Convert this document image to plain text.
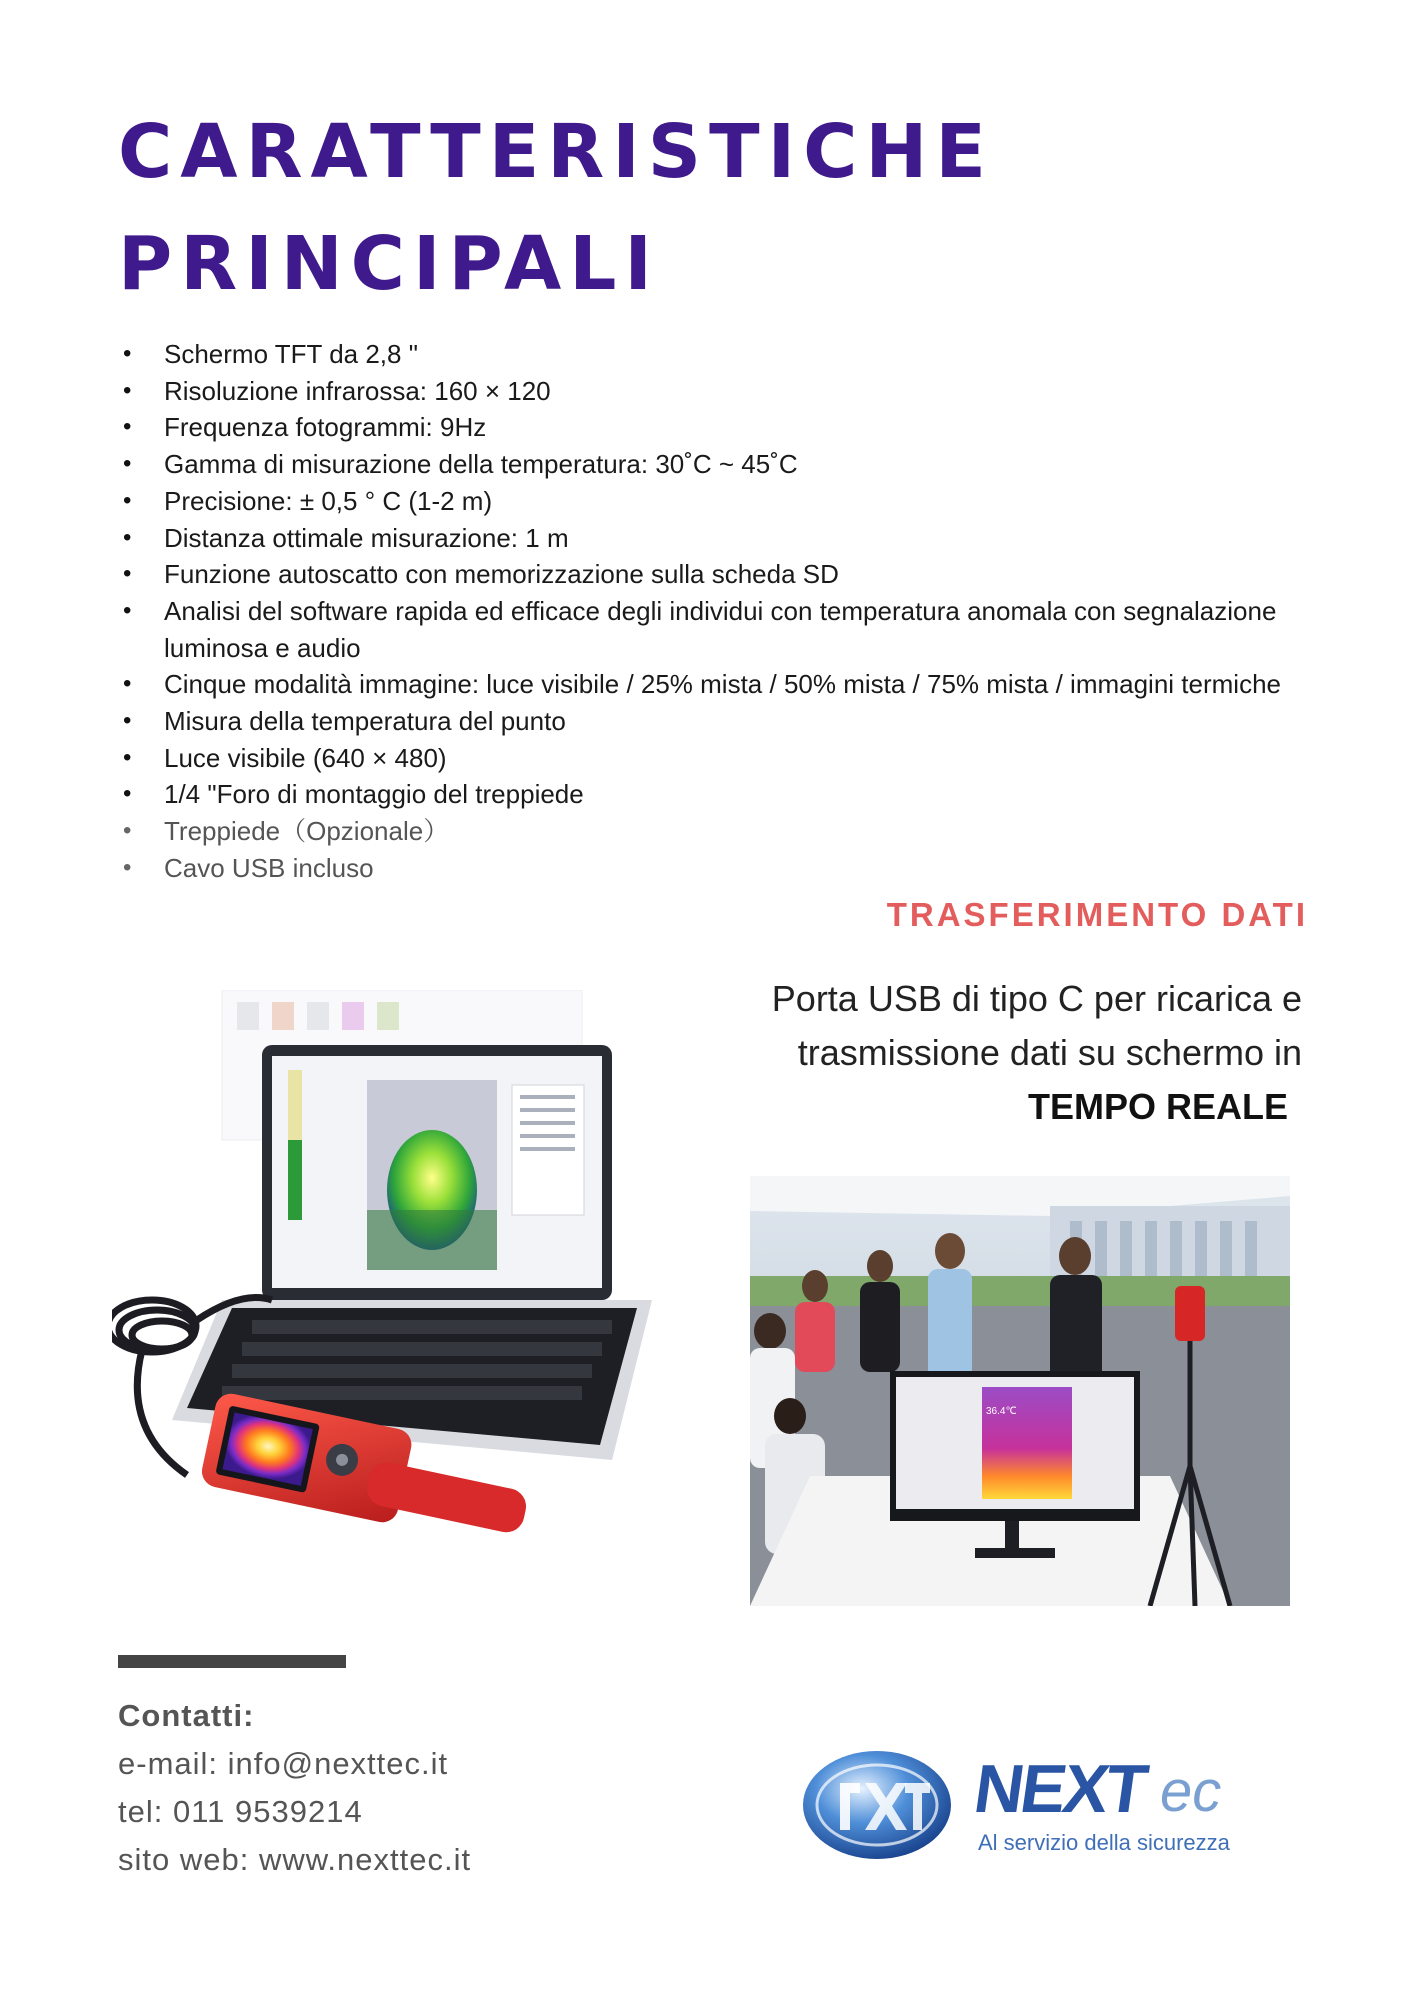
CARATTERISTICHE
PRINCIPALI
• Schermo TFT da 2,8 "
• Risoluzione infrarossa: 160 × 120
• Frequenza fotogrammi: 9Hz
• Gamma di misurazione della temperatura: 30˚C ~ 45˚C
• Precisione: ± 0,5 ° C (1-2 m)
• Distanza ottimale misurazione: 1 m
• Funzione autoscatto con memorizzazione sulla scheda SD
• Analisi del software rapida ed efficace degli individui con temperatura anomala con segnalazione luminosa e audio
• Cinque modalità immagine: luce visibile / 25% mista / 50% mista / 75% mista / immagini termiche
• Misura della temperatura del punto
• Luce visibile (640 × 480)
• 1/4 "Foro di montaggio del treppiede
• Treppiede（Opzionale）
• Cavo USB incluso
TRASFERIMENTO DATI
Porta USB di tipo C per ricarica e
trasmissione dati su schermo in
TEMPO REALE
36.4℃
Contatti:
e-mail: info@nexttec.it
tel: 011 9539214
sito web: www.nexttec.it
NEXT ec
Al servizio della sicurezza
